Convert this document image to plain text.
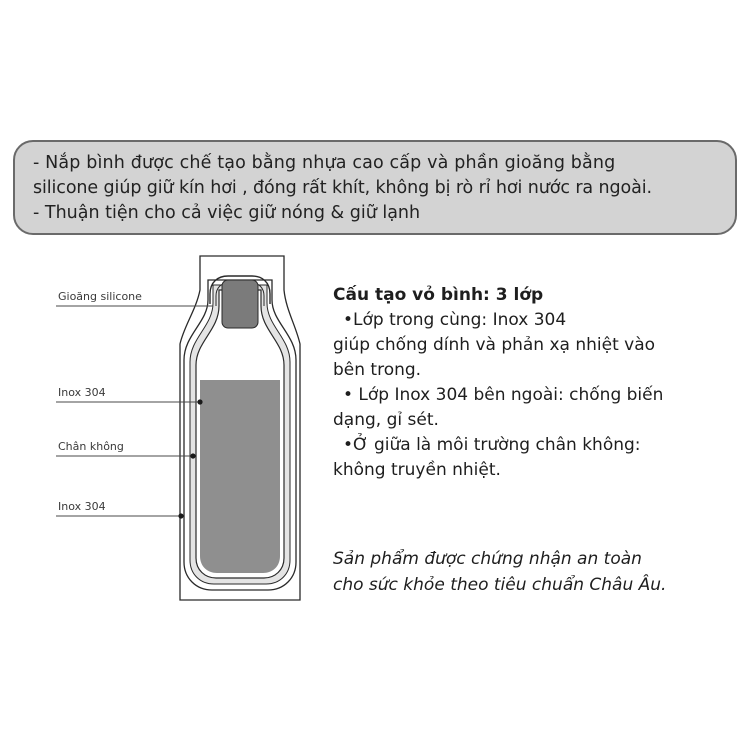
- Nắp bình được chế tạo bằng nhựa cao cấp và phần gioăng bằng
silicone giúp giữ kín hơi , đóng rất khít, không bị rò rỉ hơi nước ra ngoài.
- Thuận tiện cho cả việc giữ nóng & giữ lạnh
Gioăng silicone
Inox 304
Chân không
Inox 304
Cấu tạo vỏ bình: 3 lớp
•Lớp trong cùng: Inox 304
giúp chống dính và phản xạ nhiệt vào
bên trong.
• Lớp Inox 304 bên ngoài: chống biến
dạng, gỉ sét.
•Ở giữa là môi trường chân không:
không truyền nhiệt.
Sản phẩm được chứng nhận an toàn
cho sức khỏe theo tiêu chuẩn Châu Âu.
